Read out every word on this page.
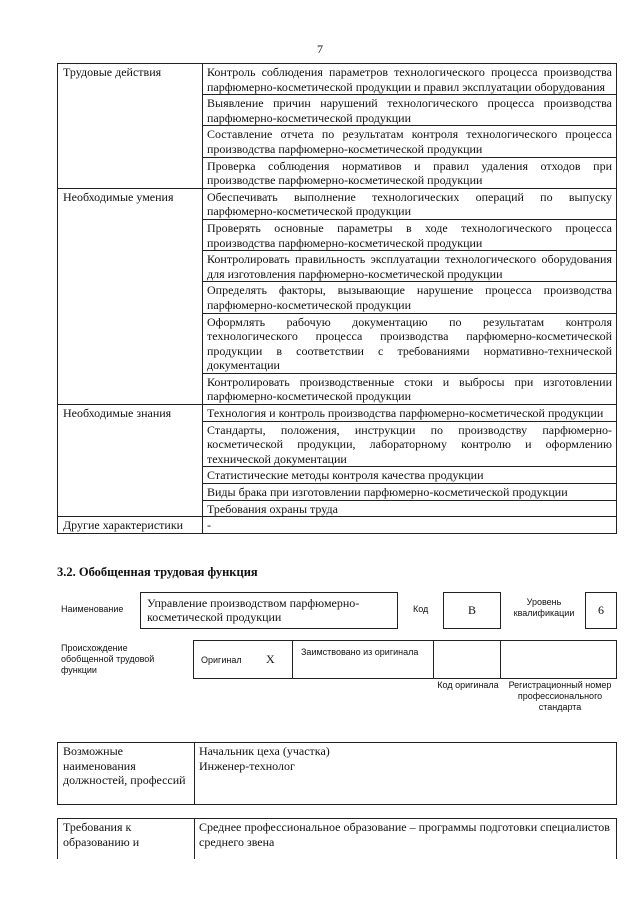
7
Трудовые действия	Контроль соблюдения параметров технологического процесса производства парфюмерно-косметической продукции и правил эксплуатации оборудования
	Выявление причин нарушений технологического процесса производства парфюмерно-косметической продукции
	Составление отчета по результатам контроля технологического процесса производства парфюмерно-косметической продукции
	Проверка соблюдения нормативов и правил удаления отходов при производстве парфюмерно-косметической продукции
Необходимые умения	Обеспечивать выполнение технологических операций по выпуску парфюмерно-косметической продукции
	Проверять основные параметры в ходе технологического процесса производства парфюмерно-косметической продукции
	Контролировать правильность эксплуатации технологического оборудования для изготовления парфюмерно-косметической продукции
	Определять факторы, вызывающие нарушение процесса производства парфюмерно-косметической продукции
	Оформлять рабочую документацию по результатам контроля технологического процесса производства парфюмерно-косметической продукции в соответствии с требованиями нормативно-технической документации
	Контролировать производственные стоки и выбросы при изготовлении парфюмерно-косметической продукции
Необходимые знания	Технология и контроль производства парфюмерно-косметической продукции
	Стандарты, положения, инструкции по производству парфюмерно-косметической продукции, лабораторному контролю и оформлению технической документации
	Статистические методы контроля качества продукции
	Виды брака при изготовлении парфюмерно-косметической продукции
	Требования охраны труда
Другие характеристики	-
3.2. Обобщенная трудовая функция
Наименование	Управление производством парфюмерно-косметической продукции
Код	B
Уровень квалификации	6
Происхождение обобщенной трудовой функции
Оригинал X	Заимствовано из оригинала
Код оригинала	Регистрационный номер профессионального стандарта
Возможные наименования должностей, профессий	
Начальник цеха (участка)
Инженер-технолог
Требования к образованию и	Среднее профессиональное образование – программы подготовки специалистов среднего звена
